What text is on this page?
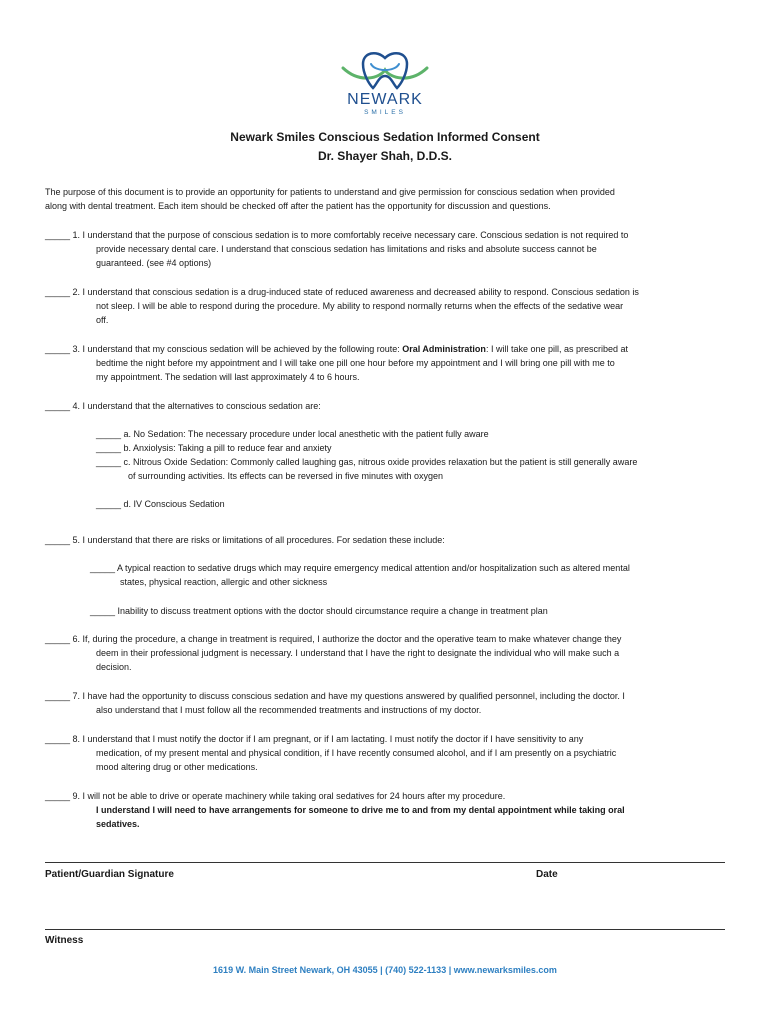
NEWARK
SMILES
Newark Smiles Conscious Sedation Informed Consent
Dr. Shayer Shah, D.D.S.
The purpose of this document is to provide an opportunity for patients to understand and give permission for conscious sedation when provided
along with dental treatment. Each item should be checked off after the patient has the opportunity for discussion and questions.
_____ 1. I understand that the purpose of conscious sedation is to more comfortably receive necessary care. Conscious sedation is not required to
provide necessary dental care. I understand that conscious sedation has limitations and risks and absolute success cannot be
guaranteed. (see #4 options)
_____ 2. I understand that conscious sedation is a drug-induced state of reduced awareness and decreased ability to respond. Conscious sedation is
not sleep. I will be able to respond during the procedure. My ability to respond normally returns when the effects of the sedative wear
off.
_____ 3. I understand that my conscious sedation will be achieved by the following route: Oral Administration: I will take one pill, as prescribed at
bedtime the night before my appointment and I will take one pill one hour before my appointment and I will bring one pill with me to
my appointment. The sedation will last approximately 4 to 6 hours.
_____ 4. I understand that the alternatives to conscious sedation are:
_____ a. No Sedation: The necessary procedure under local anesthetic with the patient fully aware
_____ b. Anxiolysis: Taking a pill to reduce fear and anxiety
_____ c. Nitrous Oxide Sedation: Commonly called laughing gas, nitrous oxide provides relaxation but the patient is still generally aware
of surrounding activities. Its effects can be reversed in five minutes with oxygen
_____ d. IV Conscious Sedation
_____ 5. I understand that there are risks or limitations of all procedures. For sedation these include:
_____ A typical reaction to sedative drugs which may require emergency medical attention and/or hospitalization such as altered mental
states, physical reaction, allergic and other sickness
_____ Inability to discuss treatment options with the doctor should circumstance require a change in treatment plan
_____ 6. If, during the procedure, a change in treatment is required, I authorize the doctor and the operative team to make whatever change they
deem in their professional judgment is necessary. I understand that I have the right to designate the individual who will make such a
decision.
_____ 7. I have had the opportunity to discuss conscious sedation and have my questions answered by qualified personnel, including the doctor. I
also understand that I must follow all the recommended treatments and instructions of my doctor.
_____ 8. I understand that I must notify the doctor if I am pregnant, or if I am lactating. I must notify the doctor if I have sensitivity to any
medication, of my present mental and physical condition, if I have recently consumed alcohol, and if I am presently on a psychiatric
mood altering drug or other medications.
_____ 9. I will not be able to drive or operate machinery while taking oral sedatives for 24 hours after my procedure.
I understand I will need to have arrangements for someone to drive me to and from my dental appointment while taking oral
sedatives.
Patient/Guardian Signature	Date
Witness
1619 W. Main Street Newark, OH 43055 | (740) 522-1133 | www.newarksmiles.com
